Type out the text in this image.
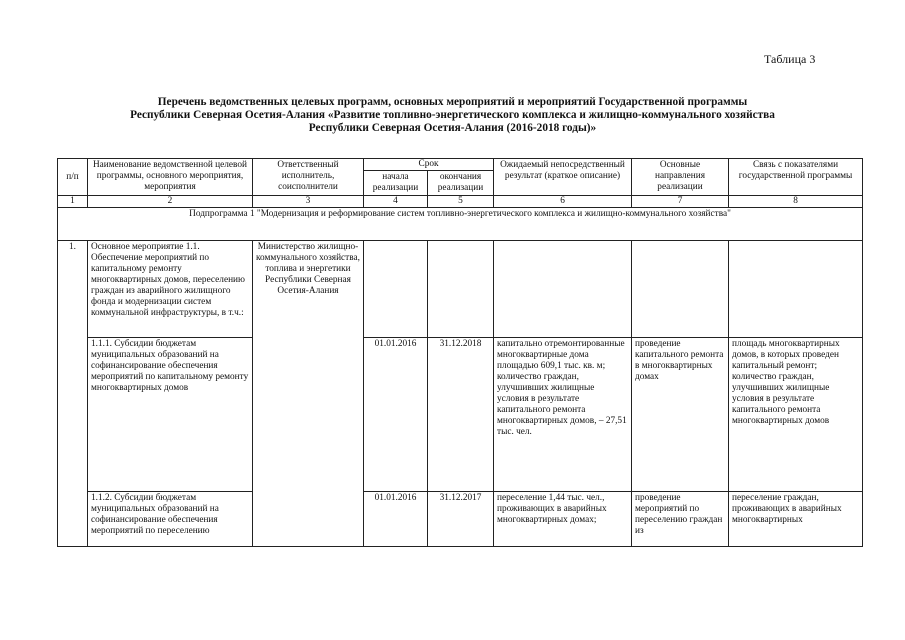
Таблица 3
Перечень ведомственных целевых программ, основных мероприятий и мероприятий Государственной программы
Республики Северная Осетия-Алания «Развитие топливно-энергетического комплекса и жилищно-коммунального хозяйства
Республики Северная Осетия-Алания (2016-2018 годы)»
п/п	Наименование ведомственной целевой программы, основного мероприятия, мероприятия	Ответственный исполнитель, соисполнители	Срок		Ожидаемый непосредственный результат (краткое описание)	Основные направления реализации	Связь с показателями государственной программы
			начала реализации	окончания реализации			
1	2	3	4	5	6	7	8
Подпрограмма 1 "Модернизация и реформирование систем топливно-энергетического комплекса и жилищно-коммунального хозяйства"							
1.	Основное мероприятие 1.1. Обеспечение мероприятий по капитальному ремонту многоквартирных домов, переселению граждан из аварийного жилищного фонда и модернизации систем коммунальной инфраструктуры, в т.ч.:	Министерство жилищно-коммунального хозяйства, топлива и энергетики Республики Северная Осетия-Алания					
	1.1.1. Субсидии бюджетам муниципальных образований на софинансирование обеспечения мероприятий по капитальному ремонту многоквартирных домов		01.01.2016	31.12.2018	капитально отремонтированные многоквартирные дома площадью 609,1 тыс. кв. м; количество граждан, улучшивших жилищные условия в результате капитального ремонта многоквартирных домов, – 27,51 тыс. чел.	проведение капитального ремонта в многоквартирных домах	площадь многоквартирных домов, в которых проведен капитальный ремонт; количество граждан, улучшивших жилищные условия в результате капитального ремонта многоквартирных домов
	1.1.2. Субсидии бюджетам муниципальных образований на софинансирование обеспечения мероприятий по переселению		01.01.2016	31.12.2017	переселение 1,44 тыс. чел., проживающих в аварийных многоквартирных домах;	проведение мероприятий по переселению граждан из	переселение граждан, проживающих в аварийных многоквартирных
